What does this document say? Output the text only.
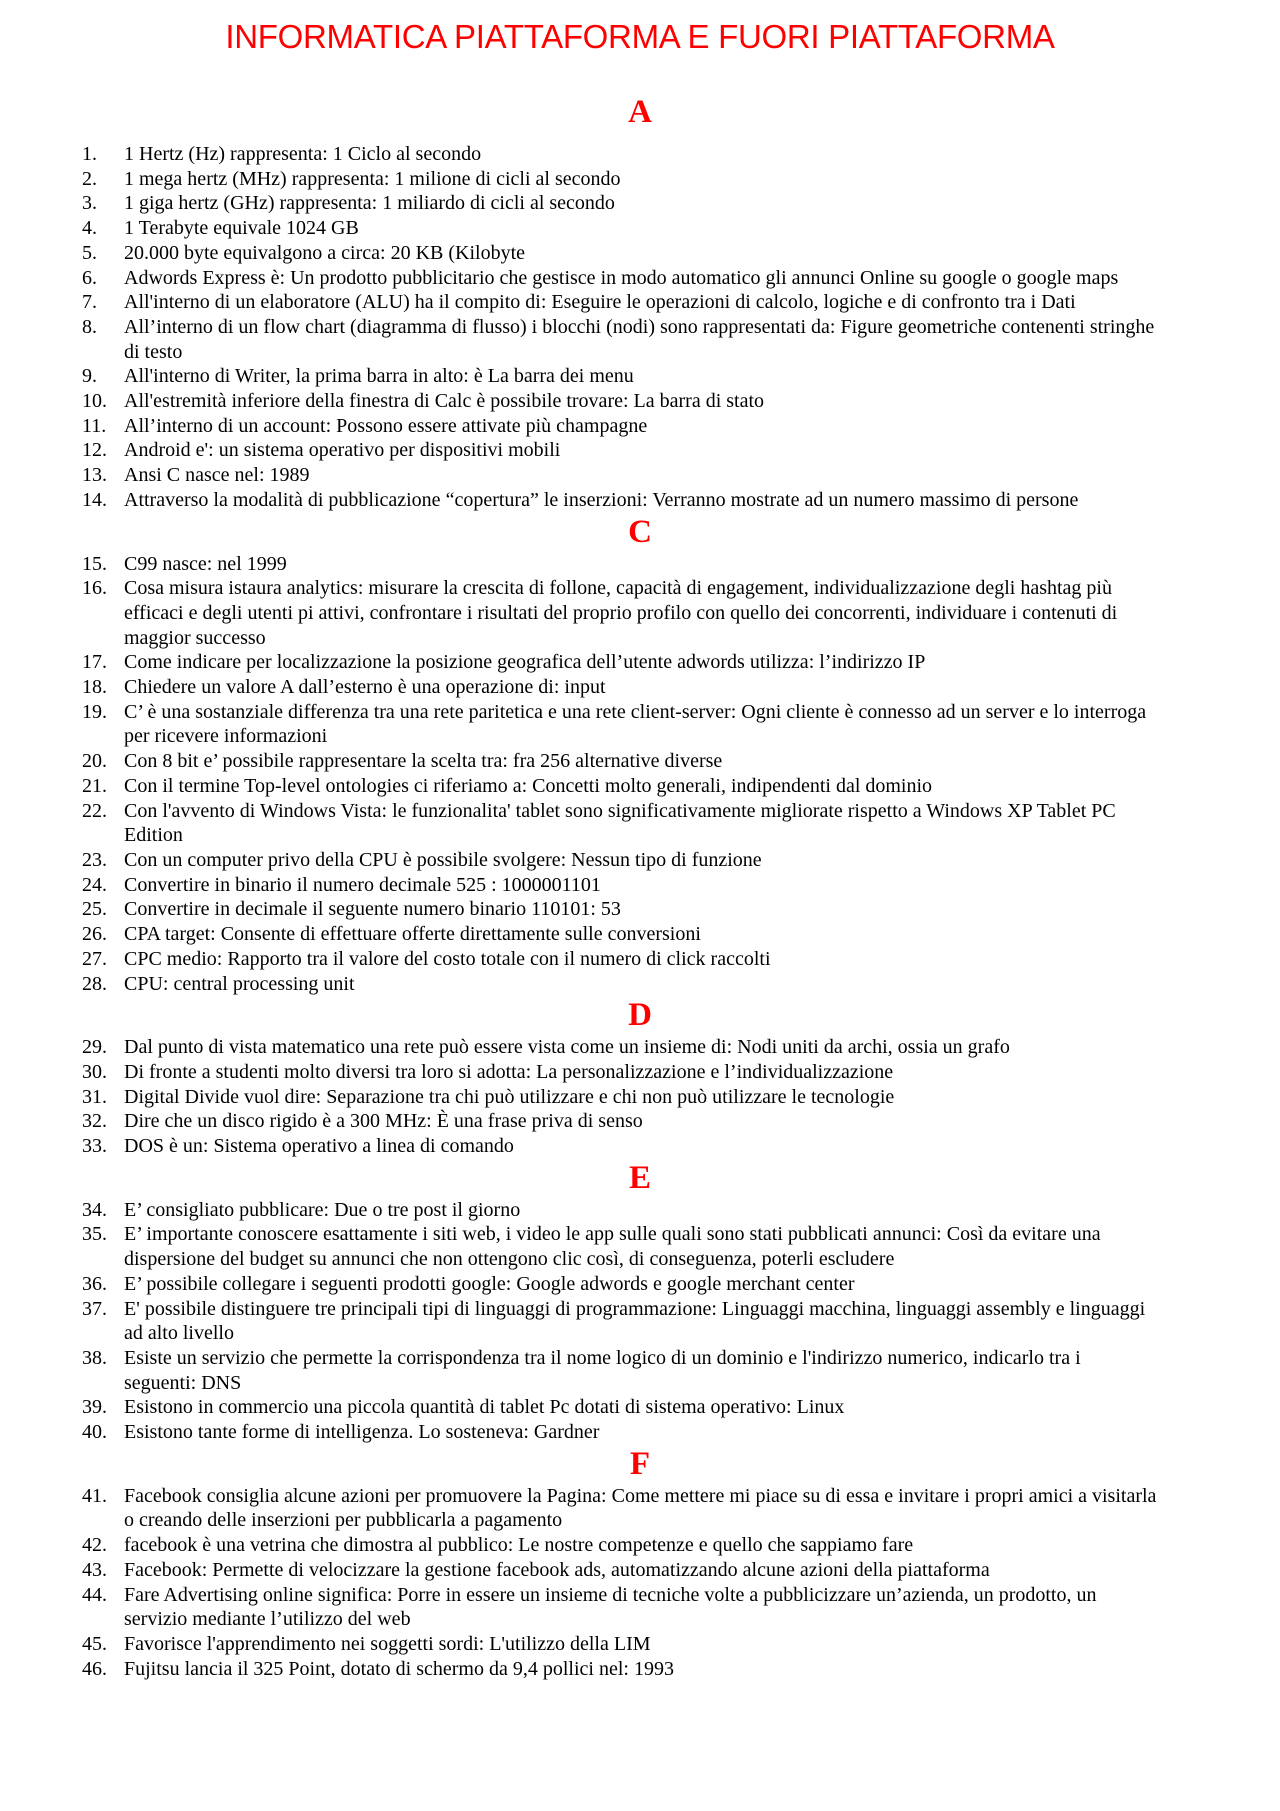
INFORMATICA PIATTAFORMA E FUORI PIATTAFORMA
A
1. 1 Hertz (Hz) rappresenta: 1 Ciclo al secondo
2. 1 mega hertz (MHz) rappresenta: 1 milione di cicli al secondo
3. 1 giga hertz (GHz) rappresenta: 1 miliardo di cicli al secondo
4. 1 Terabyte equivale 1024 GB
5. 20.000 byte equivalgono a circa: 20 KB (Kilobyte
6. Adwords Express è: Un prodotto pubblicitario che gestisce in modo automatico gli annunci Online su google o google maps
7. All'interno di un elaboratore (ALU) ha il compito di: Eseguire le operazioni di calcolo, logiche e di confronto tra i Dati
8. All’interno di un flow chart (diagramma di flusso) i blocchi (nodi) sono rappresentati da: Figure geometriche contenenti stringhe
di testo
9. All'interno di Writer, la prima barra in alto: è La barra dei menu
10. All'estremità inferiore della finestra di Calc è possibile trovare: La barra di stato
11. All’interno di un account: Possono essere attivate più champagne
12. Android e': un sistema operativo per dispositivi mobili
13. Ansi C nasce nel: 1989
14. Attraverso la modalità di pubblicazione “copertura” le inserzioni: Verranno mostrate ad un numero massimo di persone
C
15. C99 nasce: nel 1999
16. Cosa misura istaura analytics: misurare la crescita di follone, capacità di engagement, individualizzazione degli hashtag più
efficaci e degli utenti pi attivi, confrontare i risultati del proprio profilo con quello dei concorrenti, individuare i contenuti di
maggior successo
17. Come indicare per localizzazione la posizione geografica dell’utente adwords utilizza: l’indirizzo IP
18. Chiedere un valore A dall’esterno è una operazione di: input
19. C’ è una sostanziale differenza tra una rete paritetica e una rete client-server: Ogni cliente è connesso ad un server e lo interroga
per ricevere informazioni
20. Con 8 bit e’ possibile rappresentare la scelta tra: fra 256 alternative diverse
21. Con il termine Top-level ontologies ci riferiamo a: Concetti molto generali, indipendenti dal dominio
22. Con l'avvento di Windows Vista: le funzionalita' tablet sono significativamente migliorate rispetto a Windows XP Tablet PC
Edition
23. Con un computer privo della CPU è possibile svolgere: Nessun tipo di funzione
24. Convertire in binario il numero decimale 525 : 1000001101
25. Convertire in decimale il seguente numero binario 110101: 53
26. CPA target: Consente di effettuare offerte direttamente sulle conversioni
27. CPC medio: Rapporto tra il valore del costo totale con il numero di click raccolti
28. CPU: central processing unit
D
29. Dal punto di vista matematico una rete può essere vista come un insieme di: Nodi uniti da archi, ossia un grafo
30. Di fronte a studenti molto diversi tra loro si adotta: La personalizzazione e l’individualizzazione
31. Digital Divide vuol dire: Separazione tra chi può utilizzare e chi non può utilizzare le tecnologie
32. Dire che un disco rigido è a 300 MHz: È una frase priva di senso
33. DOS è un: Sistema operativo a linea di comando
E
34. E’ consigliato pubblicare: Due o tre post il giorno
35. E’ importante conoscere esattamente i siti web, i video le app sulle quali sono stati pubblicati annunci: Così da evitare una
dispersione del budget su annunci che non ottengono clic così, di conseguenza, poterli escludere
36. E’ possibile collegare i seguenti prodotti google: Google adwords e google merchant center
37. E' possibile distinguere tre principali tipi di linguaggi di programmazione: Linguaggi macchina, linguaggi assembly e linguaggi
ad alto livello
38. Esiste un servizio che permette la corrispondenza tra il nome logico di un dominio e l'indirizzo numerico, indicarlo tra i
seguenti: DNS
39. Esistono in commercio una piccola quantità di tablet Pc dotati di sistema operativo: Linux
40. Esistono tante forme di intelligenza. Lo sosteneva: Gardner
F
41. Facebook consiglia alcune azioni per promuovere la Pagina: Come mettere mi piace su di essa e invitare i propri amici a visitarla
o creando delle inserzioni per pubblicarla a pagamento
42. facebook è una vetrina che dimostra al pubblico: Le nostre competenze e quello che sappiamo fare
43. Facebook: Permette di velocizzare la gestione facebook ads, automatizzando alcune azioni della piattaforma
44. Fare Advertising online significa: Porre in essere un insieme di tecniche volte a pubblicizzare un’azienda, un prodotto, un
servizio mediante l’utilizzo del web
45. Favorisce l'apprendimento nei soggetti sordi: L'utilizzo della LIM
46. Fujitsu lancia il 325 Point, dotato di schermo da 9,4 pollici nel: 1993
